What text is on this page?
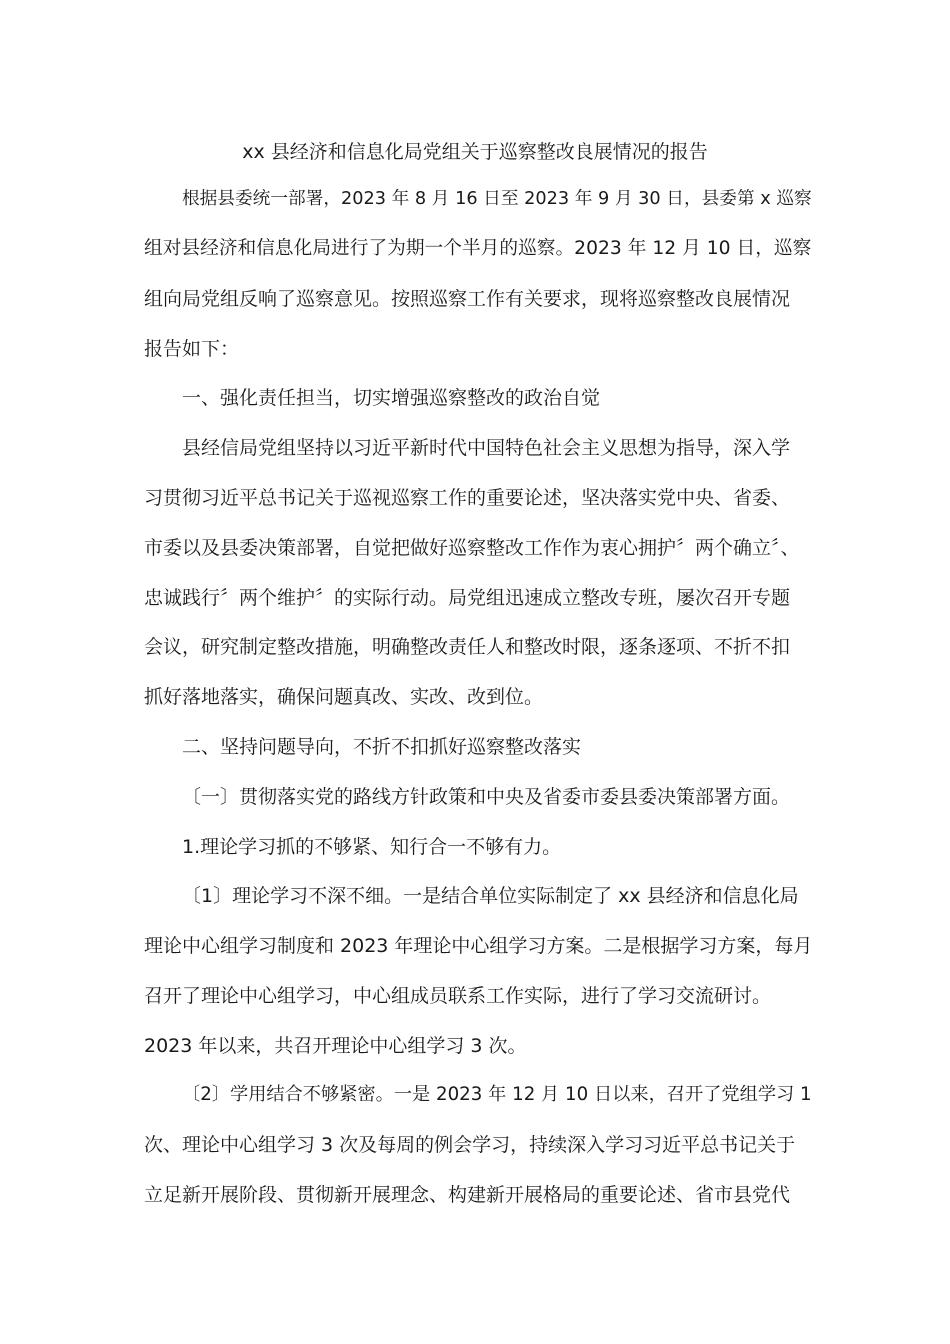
xx 县经济和信息化局党组关于巡察整改良展情况的报告
根据县委统一部署，2023 年 8 月 16 日至 2023 年 9 月 30 日，县委第 x 巡察
组对县经济和信息化局进行了为期一个半月的巡察。2023 年 12 月 10 日，巡察
组向局党组反响了巡察意见。按照巡察工作有关要求，现将巡察整改良展情况
报告如下：
一、强化责任担当，切实增强巡察整改的政治自觉
县经信局党组坚持以习近平新时代中国特色社会主义思想为指导，深入学
习贯彻习近平总书记关于巡视巡察工作的重要论述，坚决落实党中央、省委、
市委以及县委决策部署，自觉把做好巡察整改工作作为衷心拥护〞两个确立〞、
忠诚践行〞两个维护〞的实际行动。局党组迅速成立整改专班，屡次召开专题
会议，研究制定整改措施，明确整改责任人和整改时限，逐条逐项、不折不扣
抓好落地落实，确保问题真改、实改、改到位。
二、坚持问题导向，不折不扣抓好巡察整改落实
〔一〕贯彻落实党的路线方针政策和中央及省委市委县委决策部署方面。
1.理论学习抓的不够紧、知行合一不够有力。
〔1〕理论学习不深不细。一是结合单位实际制定了 xx 县经济和信息化局
理论中心组学习制度和 2023 年理论中心组学习方案。二是根据学习方案，每月
召开了理论中心组学习，中心组成员联系工作实际，进行了学习交流研讨。
2023 年以来，共召开理论中心组学习 3 次。
〔2〕学用结合不够紧密。一是 2023 年 12 月 10 日以来，召开了党组学习 1
次、理论中心组学习 3 次及每周的例会学习，持续深入学习习近平总书记关于
立足新开展阶段、贯彻新开展理念、构建新开展格局的重要论述、省市县党代
